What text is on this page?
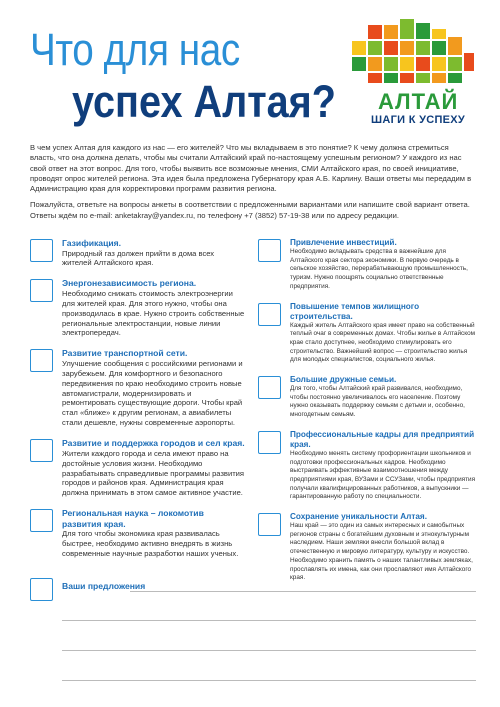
Что для нас
успех Алтая? АЛТАЙ
ШАГИ К УСПЕХУ

В чем успех Алтая для каждого из нас — его жителей? Что мы вкладываем в это понятие? К чему должна стремиться власть, что она должна делать, чтобы мы считали Алтайский край по-настоящему успешным регионом? У каждого из нас свой ответ на этот вопрос. Для того, чтобы выявить все возможные мнения, СМИ Алтайского края, по своей инициативе, проводят опрос жителей региона. Эта идея была предложена Губернатору края А.Б. Карлину. Ваши ответы мы передадим в Администрацию края для корректировки программ развития региона.

Пожалуйста, ответьте на вопросы анкеты в соответствии с предложенными вариантами или напишите свой вариант ответа. Ответы ждём по e-mail: anketakray@yandex.ru, по телефону +7 (3852) 57-19-38 или по адресу редакции.

Газификация.
Природный газ должен прийти в дома всех жителей Алтайского края.
Энергонезависимость региона.
Необходимо снижать стоимость электроэнергии для жителей края. Для этого нужно, чтобы она производилась в крае. Нужно строить собственные региональные электростанции, новые линии электропередач.
Развитие транспортной сети.
Улучшение сообщения с российскими регионами и зарубежьем. Для комфортного и безопасного передвижения по краю необходимо строить новые автомагистрали, модернизировать и ремонтировать существующие дороги. Чтобы край стал «ближе» к другим регионам, а авиабилеты стали дешевле, нужны современные аэропорты.
Развитие и поддержка городов и сел края.
Жители каждого города и села имеют право на достойные условия жизни. Необходимо разрабатывать справедливые программы развития городов и районов края. Администрация края должна принимать в этом самое активное участие.
Региональная наука – локомотив развития края.
Для того чтобы экономика края развивалась быстрее, необходимо активно внедрять в жизнь современные научные разработки наших ученых.
Привлечение инвестиций.
Необходимо вкладывать средства в важнейшие для Алтайского края сектора экономики. В первую очередь в сельское хозяйство, перерабатывающую промышленность, туризм. Нужно поощрять социально ответственные предприятия.
Повышение темпов жилищного строительства.
Каждый житель Алтайского края имеет право на собственный теплый очаг в современных домах. Чтобы жилье в Алтайском крае стало доступнее, необходимо стимулировать его строительство. Важнейший вопрос — строительство жилья для молодых специалистов, социального жилья.
Большие дружные семьи.
Для того, чтобы Алтайский край развивался, необходимо, чтобы постоянно увеличивалось его население. Поэтому нужно оказывать поддержку семьям с детьми и, особенно, многодетным семьям.
Профессиональные кадры для предприятий края.
Необходимо менять систему профориентации школьников и подготовки профессиональных кадров. Необходимо выстраивать эффективные взаимоотношения между предприятиями края, ВУЗами и ССУЗами, чтобы предприятия получали квалифицированных работников, а выпускники — гарантированную работу по специальности.
Сохранение уникальности Алтая.
Наш край — это один из самых интересных и самобытных регионов страны с богатейшим духовным и этнокультурным наследием. Наши земляки внесли большой вклад в отечественную и мировую литературу, культуру и искусство. Необходимо хранить память о наших талантливых земляках, прославлять их имена, как они прославляют имя Алтайского края.
Ваши предложения
